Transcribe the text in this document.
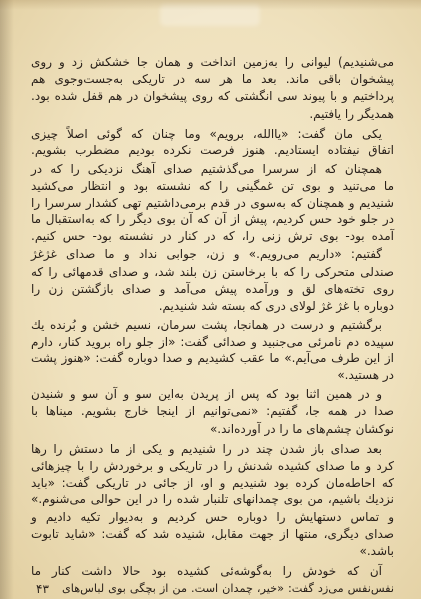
می‌شنیدیم) لیوانی را به‌زمین انداخت و همان جا خشکش زد و روی
پیشخوان باقی ماند. بعد ما هر سه در تاریکی به‌جست‌وجوی هم
پرداختیم و با پیوند سی انگشتی که روی پیشخوان در هم قفل شده بود.
همدیگر را یافتیم.
یکی مان گفت: «یاالله، برویم» وما چنان که گوئی اصلاً چیزی
اتفاق نیفتاده ایستادیم. هنوز فرصت نکرده بودیم مضطرب بشویم.
همچنان که از سرسرا می‌گذشتیم صدای آهنگ نزدیکی را که در
ما می‌تنید و بوی تن غمگینی را که نشسته بود و انتظار می‌کشید
شنیدیم و همچنان که به‌سوی در قدم برمی‌داشتیم تهی کشدار سرسرا را
در جلو خود حس کردیم، پیش از آن که آن بوی دیگر را که به‌استقبال ما
آمده بود- بوی ترش زنی را، که در کنار در نشسته بود- حس کنیم.
گفتیم: «داریم می‌رویم.» و زن، جوابی نداد و ما صدای غژغژ
صندلی متحرکی را که با برخاستن زن بلند شد، و صدای قدمهائی را که
روی تخته‌های لق و ورآمده پیش می‌آمد و صدای بازگشتن زن را
دوباره با غژ غژ لولای دری که بسته شد شنیدیم.
برگشتیم و درست در همانجا، پشت سرمان، نسیم خشن و بُرنده یك
سپیده دم نامرئی می‌جنبید و صدائی گفت: «از جلو راه بروید کنار، دارم
از این طرف می‌آیم.» ما عقب کشیدیم و صدا دوباره گفت: «هنوز پشت
در هستید.»
و در همین اثنا بود که پس از پریدن به‌این سو و آن سو و شنیدن
صدا در همه جا، گفتیم: «نمی‌توانیم از اینجا خارج بشویم. میناها با
نوکشان چشم‌های ما را در آورده‌اند.»
بعد صدای باز شدن چند در را شنیدیم و یکی از ما دستش را رها
کرد و ما صدای کشیده شدنش را در تاریکی و برخوردش را با چیزهائی
که احاطه‌مان کرده بود شنیدیم و او، از جائی در تاریکی گفت: «باید
نزدیك باشیم، من بوی چمدانهای تلنبار شده را در این حوالی می‌شنوم.»
و تماس دستهایش را دوباره حس کردیم و به‌دیوار تکیه دادیم و
صدای دیگری، منتها از جهت مقابل، شنیده شد که گفت: «شاید تابوت
باشد.»
آن که خودش را به‌گوشه‌ئی کشیده بود حالا داشت کنار ما
نفس‌نفس می‌زد گفت: «خیر، چمدان است. من از بچگی بوی لباس‌های
۴۳
